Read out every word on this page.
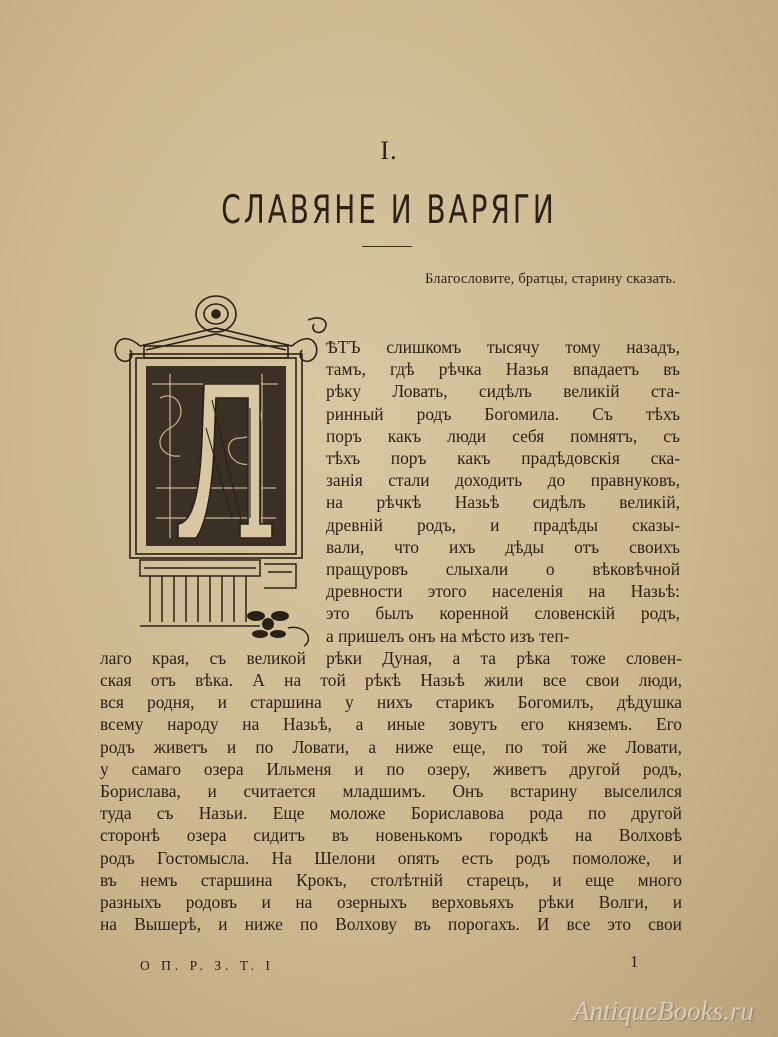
I.
СЛАВЯНЕ И ВАРЯГИ
Благословите, братцы, старину сказать.
ѢТЪ слишкомъ тысячу тому назадъ,
тамъ, гдѣ рѣчка Назья впадаетъ въ
рѣку Ловать, сидѣлъ великій ста-
ринный родъ Богомила. Съ тѣхъ
поръ какъ люди себя помнятъ, съ
тѣхъ поръ какъ прадѣдовскія ска-
занія стали доходить до правнуковъ,
на рѣчкѣ Назьѣ сидѣлъ великій,
древній родъ, и прадѣды сказы-
вали, что ихъ дѣды отъ своихъ
пращуровъ слыхали о вѣковѣчной
древности этого населенія на Назьѣ:
это былъ коренной словенскій родъ,
а пришелъ онъ на мѣсто изъ теп-
лаго края, съ великой рѣки Дуная, а та рѣка тоже словен-
ская отъ вѣка. А на той рѣкѣ Назьѣ жили все свои люди,
вся родня, и старшина у нихъ старикъ Богомилъ, дѣдушка
всему народу на Назьѣ, а иные зовутъ его княземъ. Его
родъ живетъ и по Ловати, а ниже еще, по той же Ловати,
у самаго озера Ильменя и по озеру, живетъ другой родъ,
Борислава, и считается младшимъ. Онъ встарину выселился
туда съ Назьи. Еще моложе Бориславова рода по другой
сторонѣ озера сидитъ въ новенькомъ городкѣ на Волховѣ
родъ Гостомысла. На Шелони опять есть родъ помоложе, и
въ немъ старшина Крокъ, столѣтній старецъ, и еще много
разныхъ родовъ и на озерныхъ верховьяхъ рѣки Волги, и
на Вышерѣ, и ниже по Волхову въ порогахъ. И все это свои
О П. Р. З. Т. I	1
AntiqueBooks.ru
